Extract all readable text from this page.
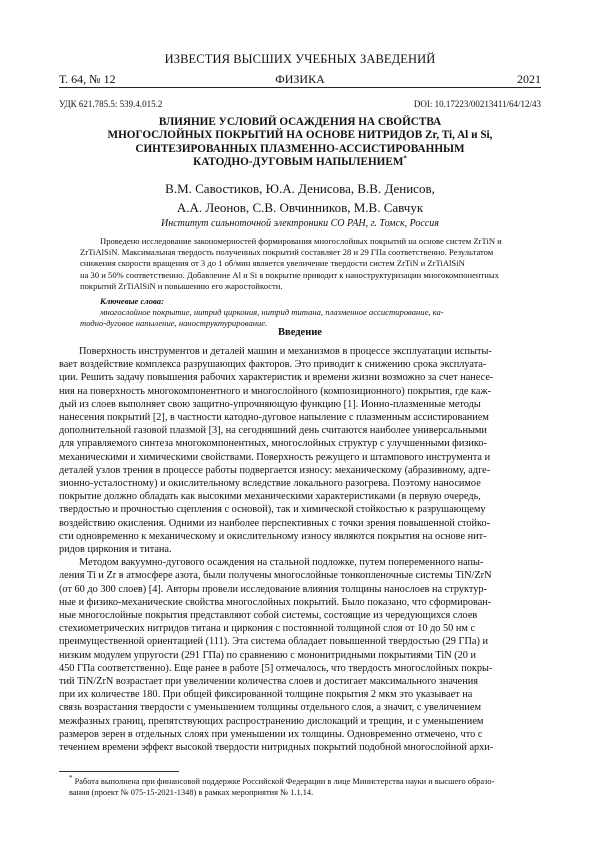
ИЗВЕСТИЯ ВЫСШИХ УЧЕБНЫХ ЗАВЕДЕНИЙ
Т. 64, № 12	ФИЗИКА	2021
УДК 621.785.5: 539.4.015.2	DOI: 10.17223/00213411/64/12/43
ВЛИЯНИЕ УСЛОВИЙ ОСАЖДЕНИЯ НА СВОЙСТВА
МНОГОСЛОЙНЫХ ПОКРЫТИЙ НА ОСНОВЕ НИТРИДОВ Zr, Ti, Al и Si,
СИНТЕЗИРОВАННЫХ ПЛАЗМЕННО-АССИСТИРОВАННЫМ
КАТОДНО-ДУГОВЫМ НАПЫЛЕНИЕМ*
В.М. Савостиков, Ю.А. Денисова, В.В. Денисов,
А.А. Леонов, С.В. Овчинников, М.В. Савчук
Институт сильноточной электроники СО РАН, г. Томск, Россия
Проведено исследование закономерностей формирования многослойных покрытий на основе систем ZrTiN и
ZrTiAlSiN. Максимальная твердость полученных покрытий составляет 28 и 29 ГПа соответственно. Результатом
снижения скорости вращения от 3 до 1 об/мин является увеличение твердости систем ZrTiN и ZrTiAlSiN
на 30 и 50% соответственно. Добавление Al и Si в покрытие приводит к наноструктуризации многокомпонентных
покрытий ZrTiAlSiN и повышению его жаростойкости.
Ключевые слова:
многослойное покрытие, нитрид циркония, нитрид титана, плазменное ассистирование, ка-
тодно-дуговое напыление, наноструктурирование.
Введение
Поверхность инструментов и деталей машин и механизмов в процессе эксплуатации испыты-
вает воздействие комплекса разрушающих факторов. Это приводит к снижению срока эксплуата-
ции. Решить задачу повышения рабочих характеристик и времени жизни возможно за счет нанесе-
ния на поверхность многокомпонентного и многослойного (композиционного) покрытия, где каж-
дый из слоев выполняет свою защитно-упрочняющую функцию [1]. Ионно-плазменные методы
нанесения покрытий [2], в частности катодно-дуговое напыление с плазменным ассистированием
дополнительной газовой плазмой [3], на сегодняшний день считаются наиболее универсальными
для управляемого синтеза многокомпонентных, многослойных структур с улучшенными физико-
механическими и химическими свойствами. Поверхность режущего и штампового инструмента и
деталей узлов трения в процессе работы подвергается износу: механическому (абразивному, адге-
зионно-усталостному) и окислительному вследствие локального разогрева. Поэтому наносимое
покрытие должно обладать как высокими механическими характеристиками (в первую очередь,
твердостью и прочностью сцепления с основой), так и химической стойкостью к разрушающему
воздействию окисления. Одними из наиболее перспективных с точки зрения повышенной стойко-
сти одновременно к механическому и окислительному износу являются покрытия на основе нит-
ридов циркония и титана.
Методом вакуумно-дугового осаждения на стальной подложке, путем попеременного напы-
ления Ti и Zr в атмосфере азота, были получены многослойные тонкопленочные системы TiN/ZrN
(от 60 до 300 слоев) [4]. Авторы провели исследование влияния толщины нанослоев на структур-
ные и физико-механические свойства многослойных покрытий. Было показано, что сформирован-
ные многослойные покрытия представляют собой системы, состоящие из чередующихся слоев
стехиометрических нитридов титана и циркония с постоянной толщиной слоя от 10 до 50 нм с
преимущественной ориентацией (111). Эта система обладает повышенной твердостью (29 ГПа) и
низким модулем упругости (291 ГПа) по сравнению с мононитридными покрытиями TiN (20 и
450 ГПа соответственно). Еще ранее в работе [5] отмечалось, что твердость многослойных покры-
тий TiN/ZrN возрастает при увеличении количества слоев и достигает максимального значения
при их количестве 180. При общей фиксированной толщине покрытия 2 мкм это указывает на
связь возрастания твердости с уменьшением толщины отдельного слоя, а значит, с увеличением
межфазных границ, препятствующих распространению дислокаций и трещин, и с уменьшением
размеров зерен в отдельных слоях при уменьшении их толщины. Одновременно отмечено, что с
течением времени эффект высокой твердости нитридных покрытий подобной многослойной архи-
* Работа выполнена при финансовой поддержке Российской Федерации в лице Министерства науки и высшего образо-
вания (проект № 075-15-2021-1348) в рамках мероприятия № 1.1.14.
